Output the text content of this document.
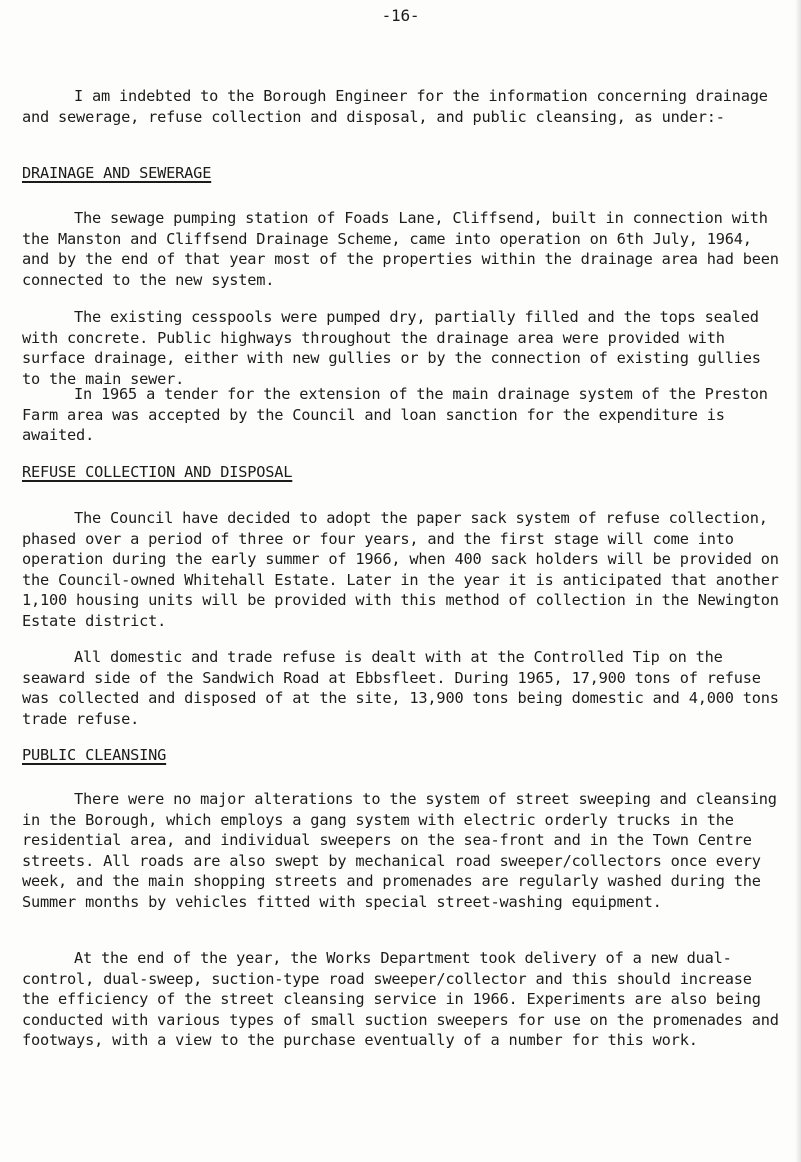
-16-

I am indebted to the Borough Engineer for the information concerning drainage and sewerage, refuse collection and disposal, and public cleansing, as under:-

DRAINAGE AND SEWERAGE

The sewage pumping station of Foads Lane, Cliffsend, built in connection with the Manston and Cliffsend Drainage Scheme, came into operation on 6th July, 1964, and by the end of that year most of the properties within the drainage area had been connected to the new system.

The existing cesspools were pumped dry, partially filled and the tops sealed with concrete. Public highways throughout the drainage area were provided with surface drainage, either with new gullies or by the connection of existing gullies to the main sewer.

In 1965 a tender for the extension of the main drainage system of the Preston Farm area was accepted by the Council and loan sanction for the expenditure is awaited.

REFUSE COLLECTION AND DISPOSAL

The Council have decided to adopt the paper sack system of refuse collection, phased over a period of three or four years, and the first stage will come into operation during the early summer of 1966, when 400 sack holders will be provided on the Council-owned Whitehall Estate. Later in the year it is anticipated that another 1,100 housing units will be provided with this method of collection in the Newington Estate district.

All domestic and trade refuse is dealt with at the Controlled Tip on the seaward side of the Sandwich Road at Ebbsfleet. During 1965, 17,900 tons of refuse was collected and disposed of at the site, 13,900 tons being domestic and 4,000 tons trade refuse.

PUBLIC CLEANSING

There were no major alterations to the system of street sweeping and cleansing in the Borough, which employs a gang system with electric orderly trucks in the residential area, and individual sweepers on the sea-front and in the Town Centre streets. All roads are also swept by mechanical road sweeper/collectors once every week, and the main shopping streets and promenades are regularly washed during the Summer months by vehicles fitted with special street-washing equipment.

At the end of the year, the Works Department took delivery of a new dual-control, dual-sweep, suction-type road sweeper/collector and this should increase the efficiency of the street cleansing service in 1966. Experiments are also being conducted with various types of small suction sweepers for use on the promenades and footways, with a view to the purchase eventually of a number for this work.
